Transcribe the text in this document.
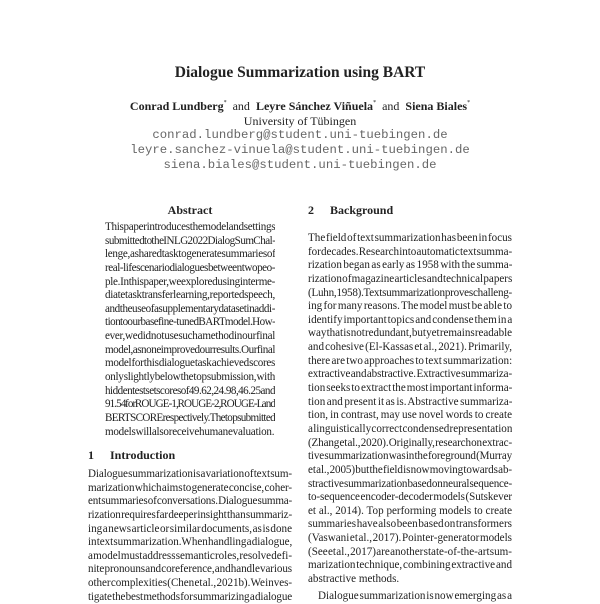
Dialogue Summarization using BART
Conrad Lundberg* and Leyre Sánchez Viñuela* and Siena Biales*
University of Tübingen
conrad.lundberg@student.uni-tuebingen.de
leyre.sanchez-vinuela@student.uni-tuebingen.de
siena.biales@student.uni-tuebingen.de
Abstract
This paper introduces the model and settings
submitted to the INLG 2022 DialogSum Chal-
lenge, a shared task to generate summaries of
real-life scenario dialogues between two peo-
ple. In this paper, we explored using interme-
diate task transfer learning, reported speech,
and the use of a supplementary dataset in addi-
tion to our base fine-tuned BART model. How-
ever, we did not use such a method in our final
model, as none improved our results. Our final
model for this dialogue task achieved scores
only slightly below the top submission, with
hidden test set scores of 49.62, 24.98, 46.25 and
91.54 for ROUGE-1, ROUGE-2, ROUGE-L and
BERTSCORE respectively. The top submitted
models will also receive human evaluation.
1 Introduction
Dialogue summarization is a variation of text sum-
marization which aims to generate concise, coher-
ent summaries of conversations. Dialogue summa-
rization requires far deeper insight than summariz-
ing a news article or similar documents, as is done
in text summarization. When handling a dialogue,
a model must address semantic roles, resolve defi-
nite pronouns and coreference, and handle various
other complexities (Chen et al., 2021b). We inves-
tigate the best methods for summarizing a dialogue
2 Background
The field of text summarization has been in focus
for decades. Research into automatic text summa-
rization began as early as 1958 with the summa-
rization of magazine articles and technical papers
(Luhn, 1958). Text summarization proves challeng-
ing for many reasons. The model must be able to
identify important topics and condense them in a
way that is not redundant, but yet remains readable
and cohesive (El-Kassas et al., 2021). Primarily,
there are two approaches to text summarization:
extractive and abstractive. Extractive summariza-
tion seeks to extract the most important informa-
tion and present it as is. Abstractive summariza-
tion, in contrast, may use novel words to create
a linguistically correct condensed representation
(Zhang et al., 2020). Originally, research on extrac-
tive summarization was in the foreground (Murray
et al., 2005) but the field is now moving towards ab-
stractive summarization based on neural sequence-
to-sequence encoder-decoder models (Sutskever
et al., 2014). Top performing models to create
summaries have also been based on transformers
(Vaswani et al., 2017). Pointer-generator models
(See et al., 2017) are another state-of-the-art sum-
marization technique, combining extractive and
abstractive methods.
Dialogue summarization is now emerging as a
